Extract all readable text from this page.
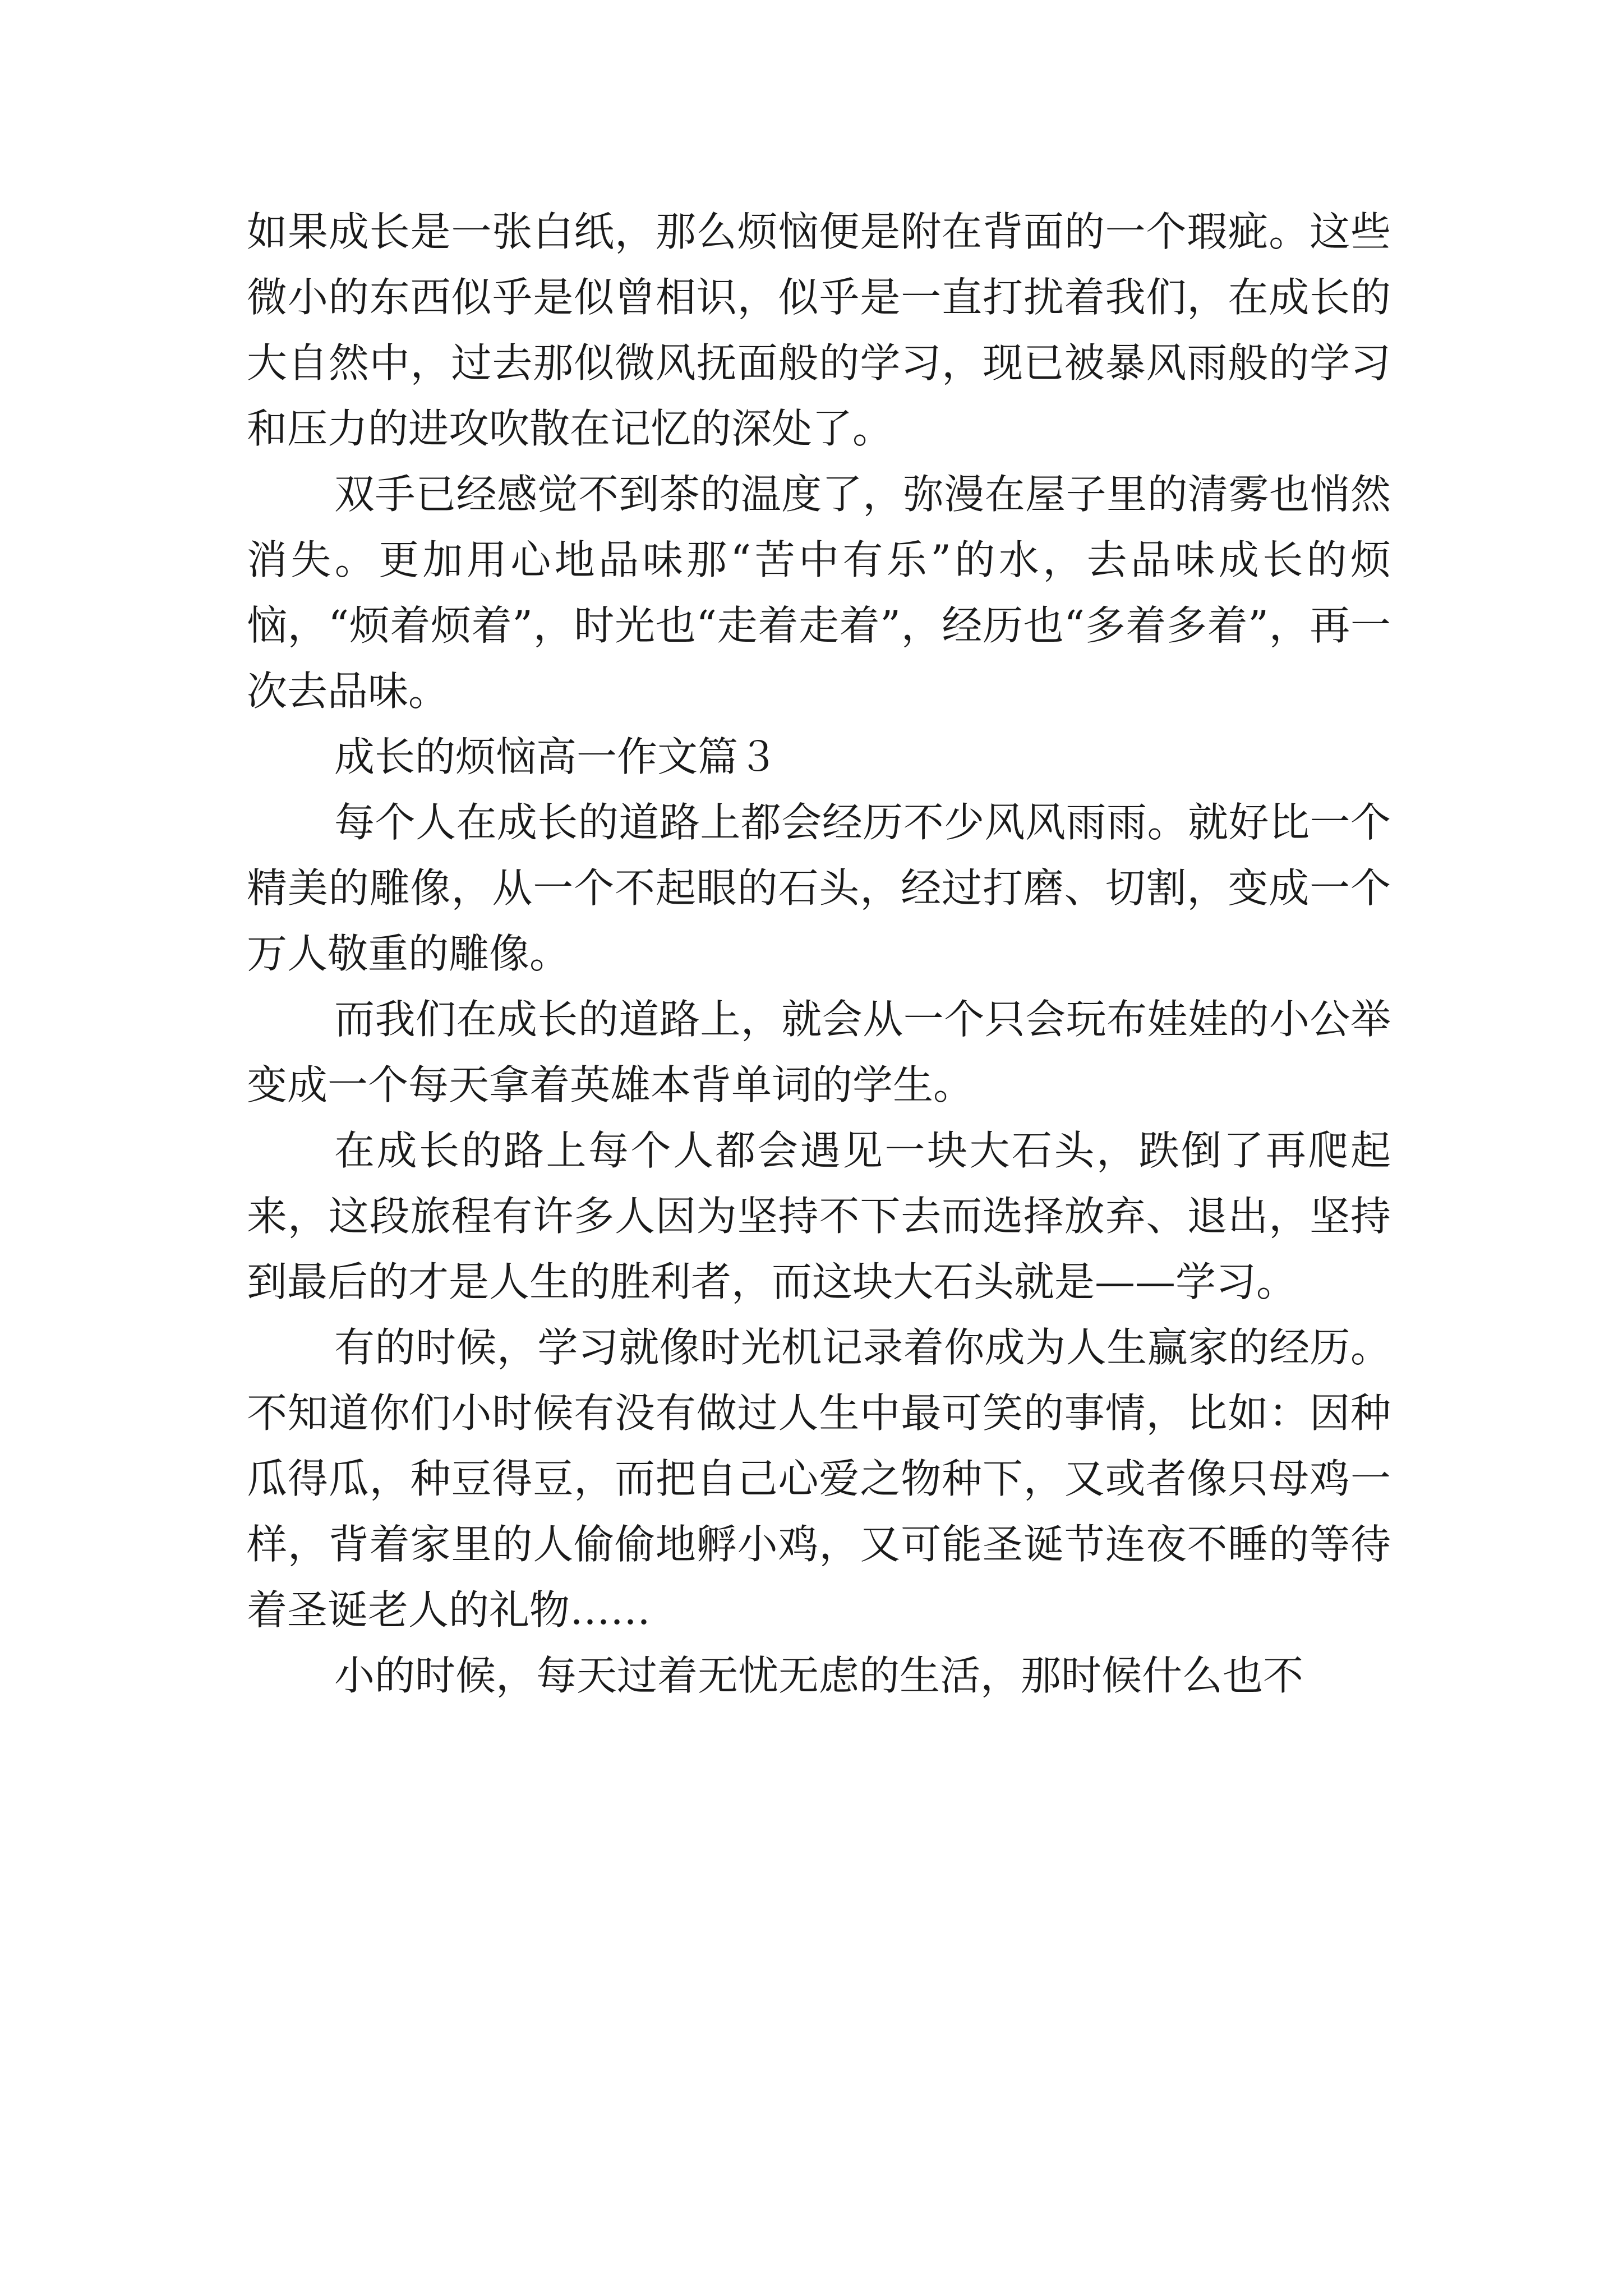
如果成长是一张白纸，那么烦恼便是附在背面的一个瑕疵。这些微小的东西似乎是似曾相识，似乎是一直打扰着我们，在成长的大自然中，过去那似微风抚面般的学习，现已被暴风雨般的学习和压力的进攻吹散在记忆的深处了。

双手已经感觉不到茶的温度了，弥漫在屋子里的清雾也悄然消失。更加用心地品味那“苦中有乐”的水，去品味成长的烦恼，“烦着烦着”，时光也“走着走着”，经历也“多着多着”，再一次去品味。

成长的烦恼高一作文篇３

每个人在成长的道路上都会经历不少风风雨雨。就好比一个精美的雕像，从一个不起眼的石头，经过打磨、切割，变成一个万人敬重的雕像。

而我们在成长的道路上，就会从一个只会玩布娃娃的小公举变成一个每天拿着英雄本背单词的学生。

在成长的路上每个人都会遇见一块大石头，跌倒了再爬起来，这段旅程有许多人因为坚持不下去而选择放弃、退出，坚持到最后的才是人生的胜利者，而这块大石头就是——学习。

有的时候，学习就像时光机记录着你成为人生赢家的经历。不知道你们小时候有没有做过人生中最可笑的事情，比如：因种瓜得瓜，种豆得豆，而把自己心爱之物种下，又或者像只母鸡一样，背着家里的人偷偷地孵小鸡，又可能圣诞节连夜不睡的等待着圣诞老人的礼物……

小的时候，每天过着无忧无虑的生活，那时候什么也不
